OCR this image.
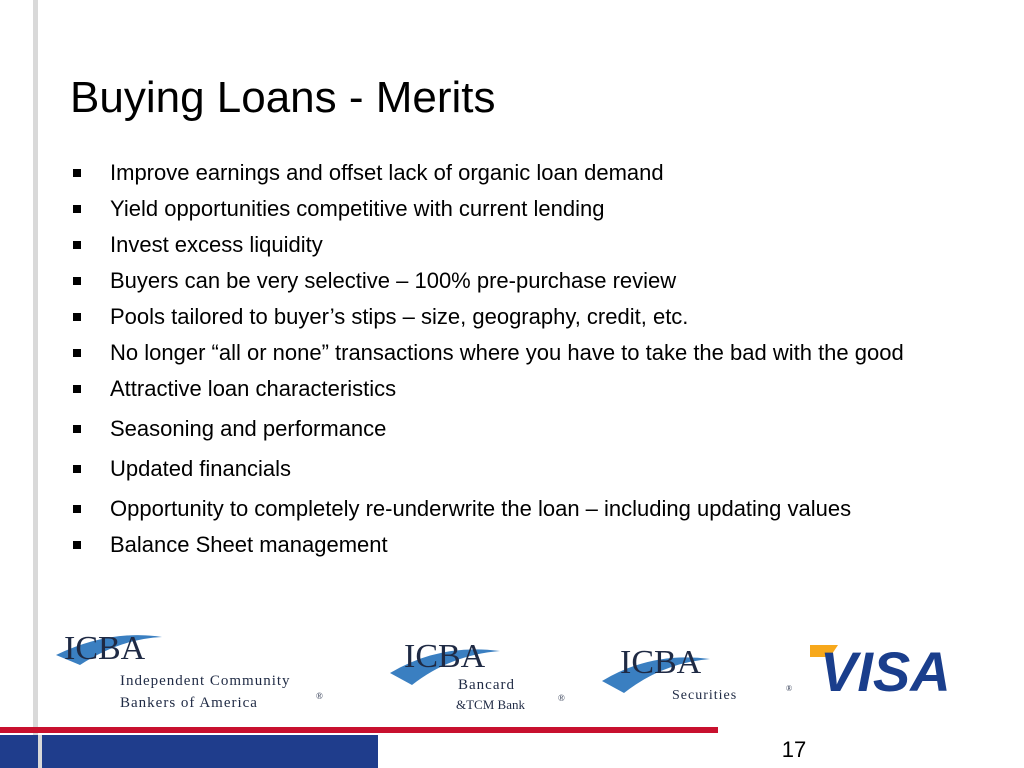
Buying Loans - Merits
Improve earnings and offset lack of organic loan demand
Yield opportunities competitive with current lending
Invest excess liquidity
Buyers can be very selective – 100% pre-purchase review
Pools tailored to buyer’s stips – size, geography, credit, etc.
No longer “all or none” transactions where you have to take the bad with the good
Attractive loan characteristics
Seasoning and performance
Updated financials
Opportunity to completely re-underwrite the loan – including updating values
Balance Sheet management
ICBA
Independent Community
Bankers of America	®
ICBA
Bancard
&TCM Bank	®
ICBA
Securities	® VISA
17
